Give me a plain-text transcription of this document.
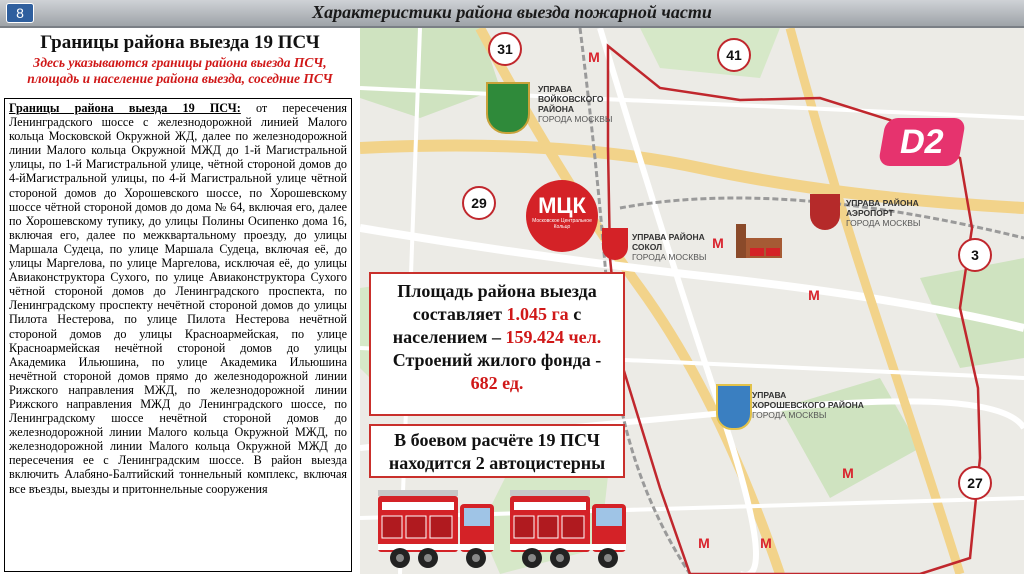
8	Характеристики района выезда пожарной части
Границы района выезда 19 ПСЧ
Здесь указываются границы района выезда ПСЧ,
площадь и население района выезда, соседние ПСЧ
Границы района выезда 19 ПСЧ: от пересечения Ленинградского шоссе с железнодорожной линией Малого кольца Московской Окружной ЖД, далее по железнодорожной линии Малого кольца Окружной МЖД до 1-й Магистральной улицы, по 1-й Магистральной улице, чётной стороной домов до 4-йМагистральной улицы, по 4-й Магистральной улице чётной стороной домов до Хорошевского шоссе, по Хорошевскому шоссе чётной стороной домов до дома № 64, включая его, далее по Хорошевскому тупику, до улицы Полины Осипенко дома 16, включая его, далее по межквартальному проезду, до улицы Маршала Судеца, по улице Маршала Судеца, включая её, до улицы Маргелова, по улице Маргелова, исключая её, до улицы Авиаконструктора Сухого, по улице Авиаконструктора Сухого чётной стороной домов до Ленинградского проспекта, по Ленинградскому проспекту нечётной стороной домов до улицы Пилота Нестерова, по улице Пилота Нестерова нечётной стороной домов до улицы Красноармейская, по улице Красноармейская нечётной стороной домов до улицы Академика Ильюшина, по улице Академика Ильюшина нечётной стороной домов прямо до железнодорожной линии Рижского направления МЖД, по железнодорожной линии Рижского направления МЖД до Ленинградского шоссе, по Ленинградскому шоссе нечётной стороной домов до железнодорожной линии Малого кольца Окружной МЖД, по железнодорожной линии Малого кольца Окружной МЖД до пересечения ее с Ленинградским шоссе. В район выезда включить Алабяно-Балтийский тоннельный комплекс, включая все въезды, выезды и притоннельные сооружения
31	41
29
3
27
D2
МЦК
Московское Центральное Кольцо
УПРАВА
ВОЙКОВСКОГО
РАЙОНА
ГОРОДА МОСКВЫ
УПРАВА РАЙОНА
СОКОЛ
ГОРОДА МОСКВЫ
УПРАВА РАЙОНА
АЭРОПОРТ
ГОРОДА МОСКВЫ
УПРАВА
ХОРОШЕВСКОГО РАЙОНА
ГОРОДА МОСКВЫ
M
M
M
M
M	M
Площадь района выезда
составляет 1.045 га с
населением – 159.424 чел.
Строений жилого фонда -
682 ед.
В боевом расчёте 19 ПСЧ
находится 2 автоцистерны
